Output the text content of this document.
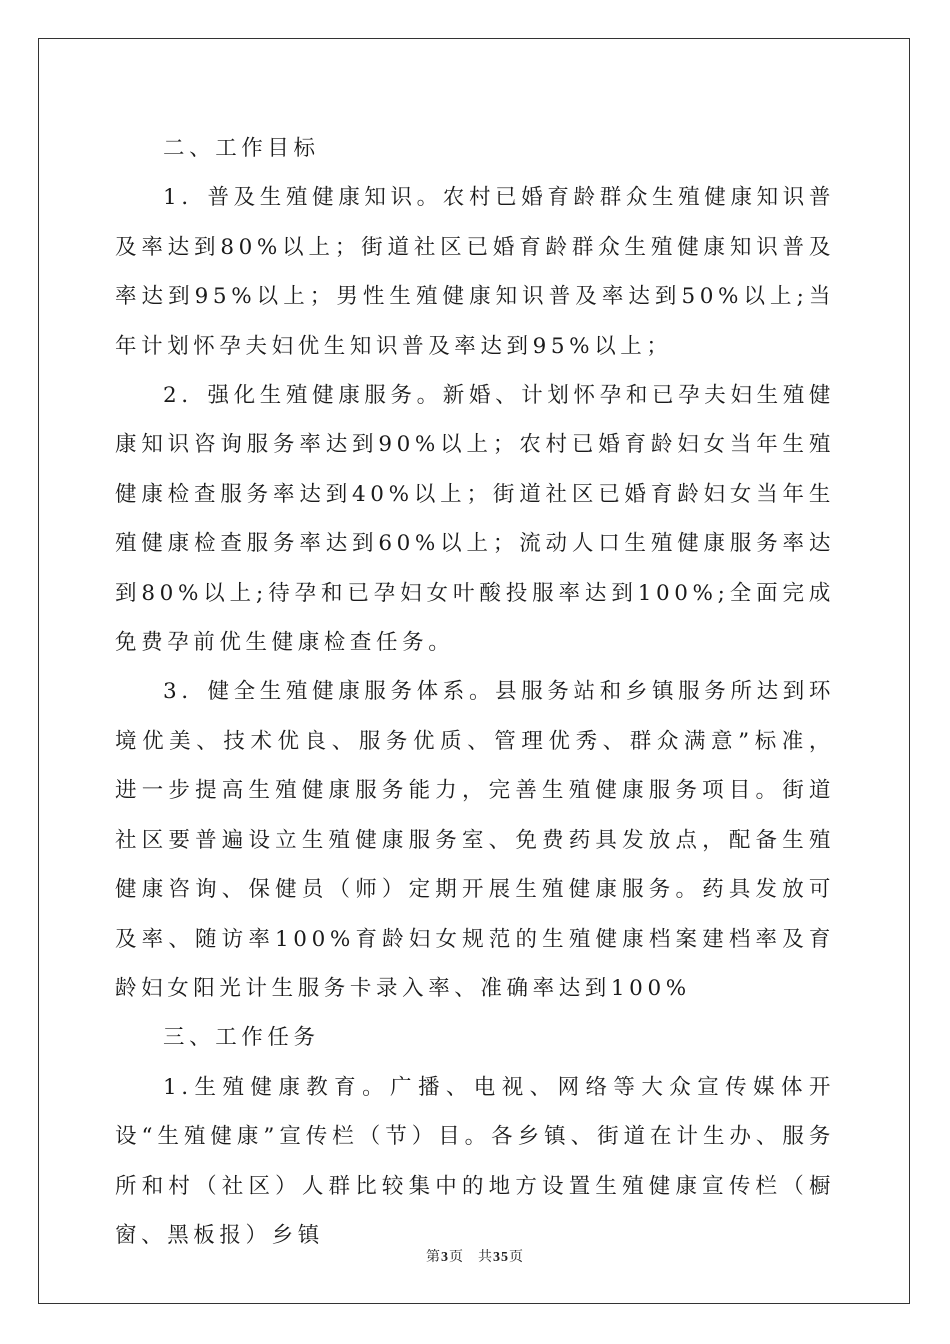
二、工作目标

1．普及生殖健康知识。农村已婚育龄群众生殖健康知识普及率达到80%以上；街道社区已婚育龄群众生殖健康知识普及率达到95%以上；男性生殖健康知识普及率达到50%以上;当年计划怀孕夫妇优生知识普及率达到95%以上；

2．强化生殖健康服务。新婚、计划怀孕和已孕夫妇生殖健康知识咨询服务率达到90%以上；农村已婚育龄妇女当年生殖健康检查服务率达到40%以上；街道社区已婚育龄妇女当年生殖健康检查服务率达到60%以上；流动人口生殖健康服务率达到80%以上;待孕和已孕妇女叶酸投服率达到100%;全面完成免费孕前优生健康检查任务。

3．健全生殖健康服务体系。县服务站和乡镇服务所达到环境优美、技术优良、服务优质、管理优秀、群众满意”标准，进一步提高生殖健康服务能力，完善生殖健康服务项目。街道社区要普遍设立生殖健康服务室、免费药具发放点，配备生殖健康咨询、保健员（师）定期开展生殖健康服务。药具发放可及率、随访率100%育龄妇女规范的生殖健康档案建档率及育龄妇女阳光计生服务卡录入率、准确率达到100%

三、工作任务

1.生殖健康教育。广播、电视、网络等大众宣传媒体开设“生殖健康”宣传栏（节）目。各乡镇、街道在计生办、服务所和村（社区）人群比较集中的地方设置生殖健康宣传栏（橱窗、黑板报）乡镇

第3页 共35页
